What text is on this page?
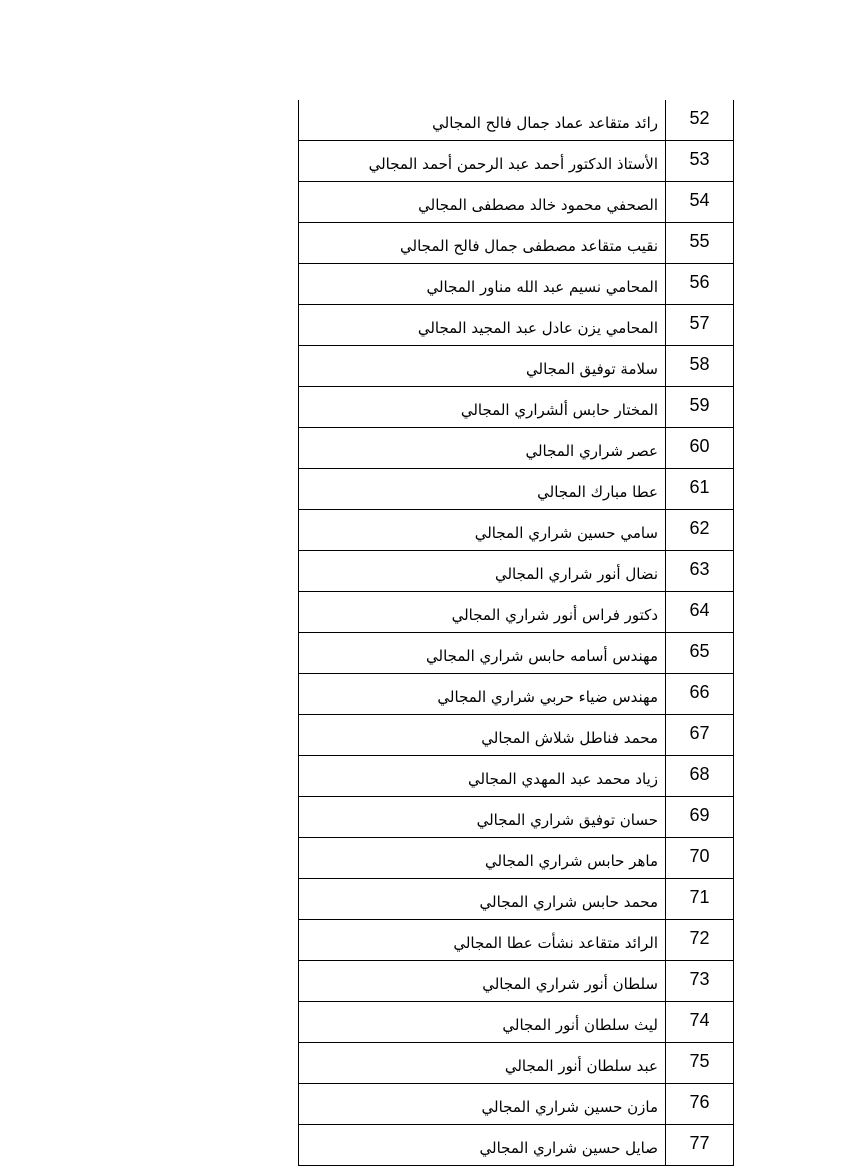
رائد متقاعد عماد جمال فالح المجالي	52
الأستاذ الدكتور أحمد عبد الرحمن أحمد المجالي	53
الصحفي محمود خالد مصطفى المجالي	54
نقيب متقاعد مصطفى جمال فالح المجالي	55
المحامي نسيم عبد الله مناور المجالي	56
المحامي يزن عادل عبد المجيد المجالي	57
سلامة توفيق المجالي	58
المختار حابس ألشراري المجالي	59
عصر شراري المجالي	60
عطا مبارك المجالي	61
سامي حسين شراري المجالي	62
نضال أنور شراري المجالي	63
دكتور فراس أنور شراري المجالي	64
مهندس أسامه حابس شراري المجالي	65
مهندس ضياء حربي شراري المجالي	66
محمد فناطل شلاش المجالي	67
زياد محمد عبد المهدي المجالي	68
حسان توفيق شراري المجالي	69
ماهر حابس شراري المجالي	70
محمد حابس شراري المجالي	71
الرائد متقاعد نشأت عطا المجالي	72
سلطان أنور شراري المجالي	73
ليث سلطان أنور المجالي	74
عبد سلطان أنور المجالي	75
مازن حسين شراري المجالي	76
صايل حسين شراري المجالي	77
